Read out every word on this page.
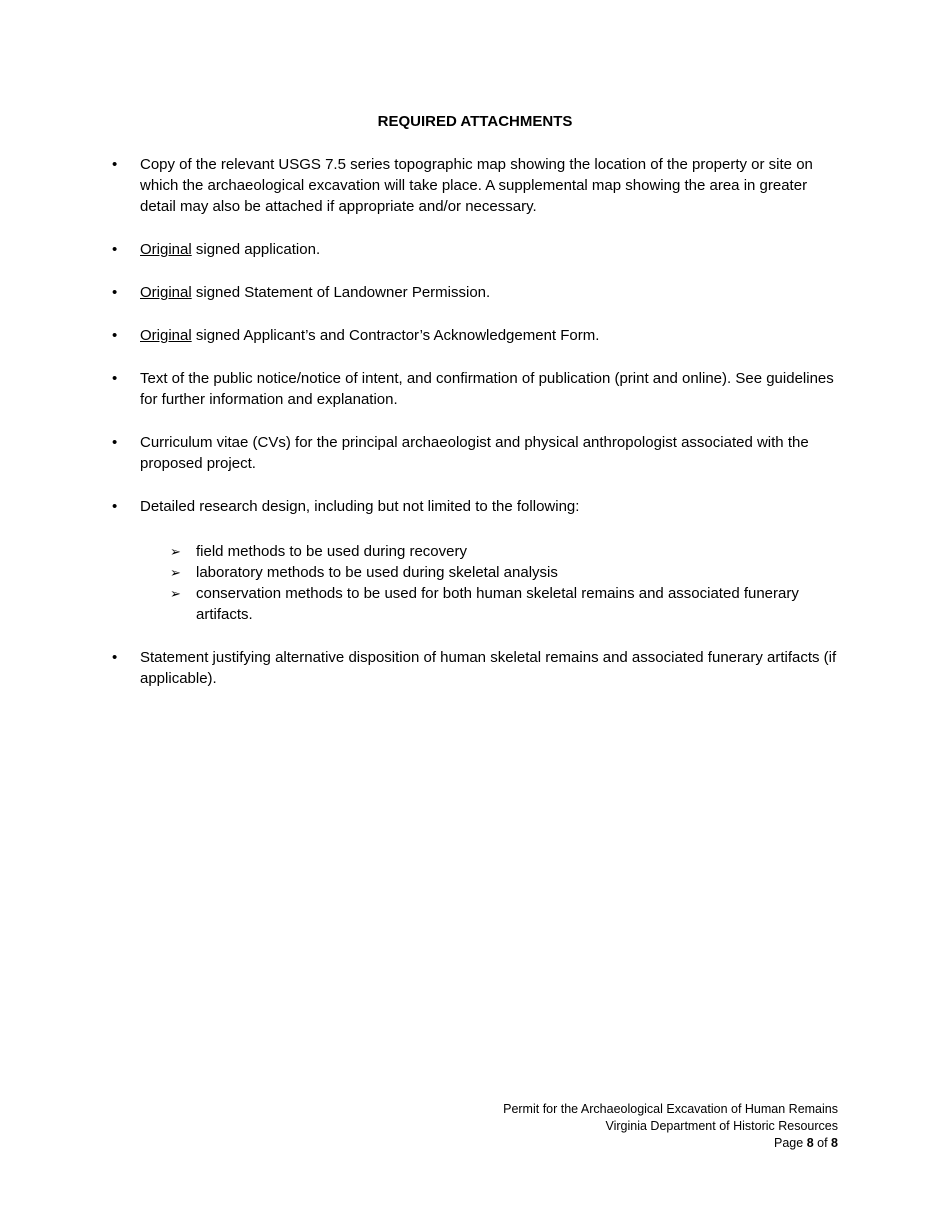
REQUIRED ATTACHMENTS
•	Copy of the relevant USGS 7.5 series topographic map showing the location of the property or site on which the archaeological excavation will take place. A supplemental map showing the area in greater detail may also be attached if appropriate and/or necessary.
•	Original signed application.
•	Original signed Statement of Landowner Permission.
•	Original signed Applicant’s and Contractor’s Acknowledgement Form.
•	Text of the public notice/notice of intent, and confirmation of publication (print and online). See guidelines for further information and explanation.
•	Curriculum vitae (CVs) for the principal archaeologist and physical anthropologist associated with the proposed project.
•	Detailed research design, including but not limited to the following:
➢ field methods to be used during recovery
➢ laboratory methods to be used during skeletal analysis
➢ conservation methods to be used for both human skeletal remains and associated funerary artifacts.
•	Statement justifying alternative disposition of human skeletal remains and associated funerary artifacts (if applicable).
Permit for the Archaeological Excavation of Human Remains
Virginia Department of Historic Resources
Page 8 of 8
